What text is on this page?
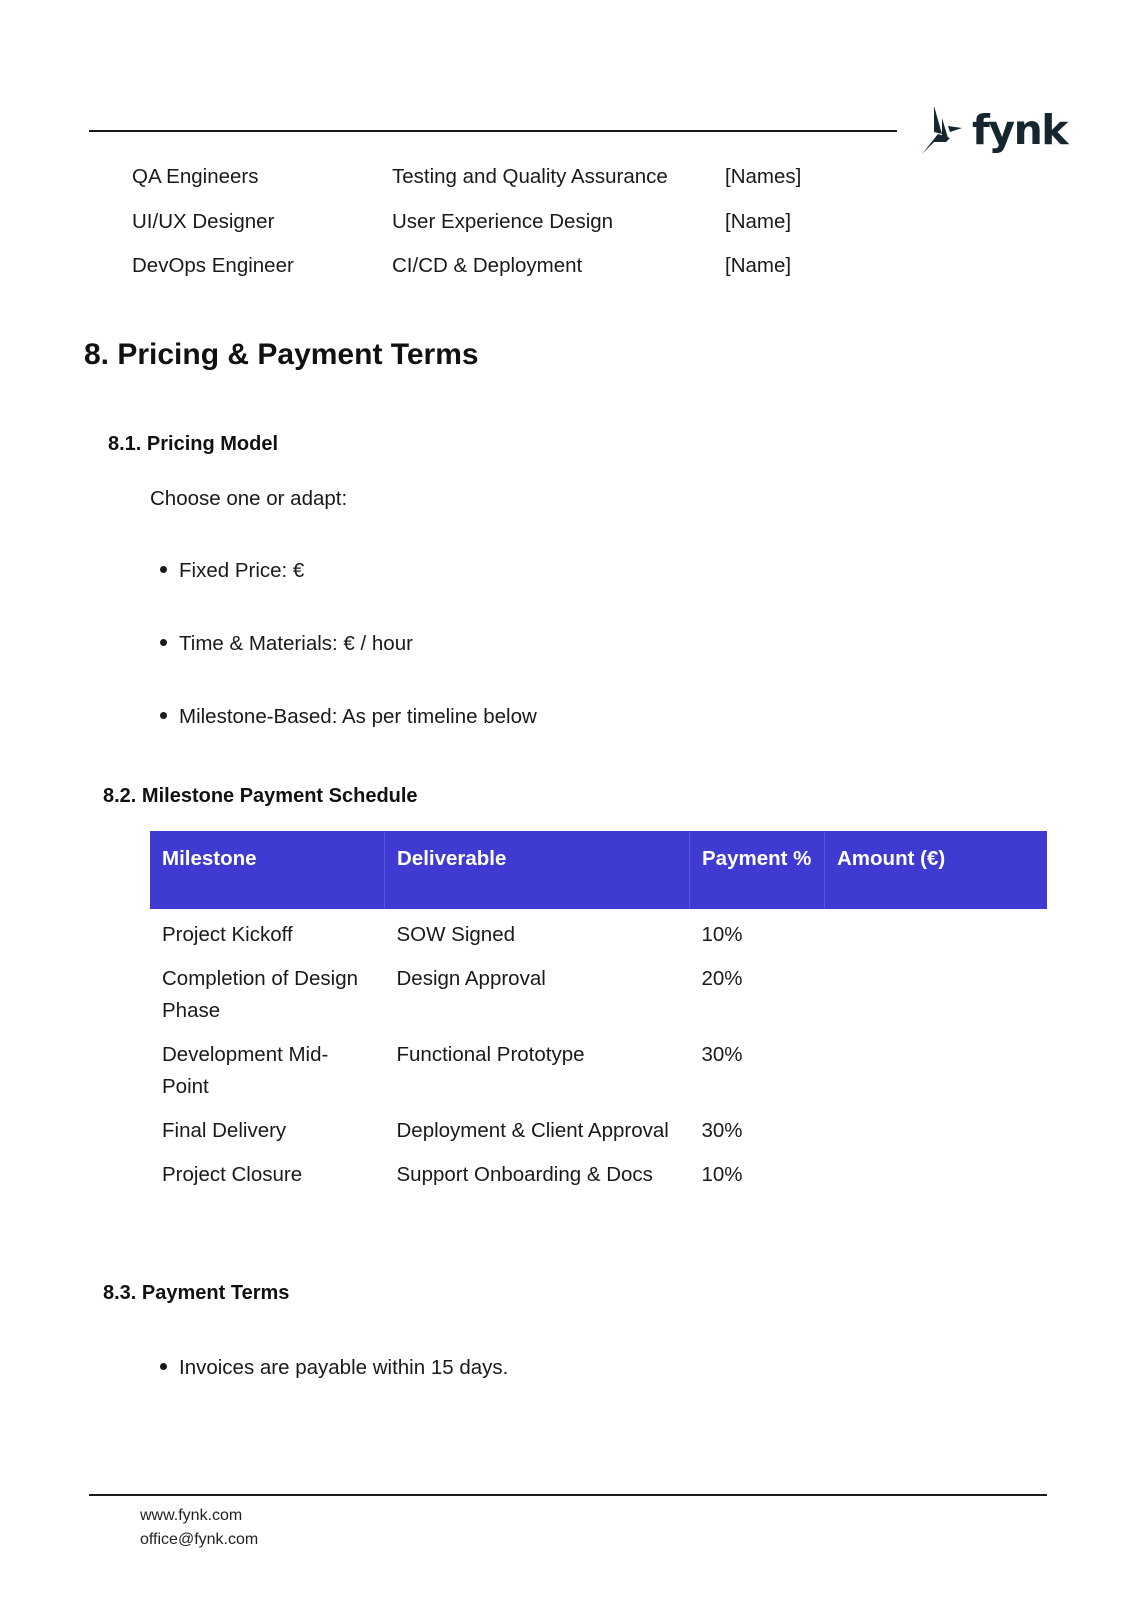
fynk
QA Engineers	Testing and Quality Assurance	[Names]
UI/UX Designer	User Experience Design	[Name]
DevOps Engineer	CI/CD & Deployment	[Name]
8. Pricing & Payment Terms
8.1. Pricing Model
Choose one or adapt:
Fixed Price: €
Time & Materials: € / hour
Milestone-Based: As per timeline below
8.2. Milestone Payment Schedule
Milestone	Deliverable	Payment %	Amount (€)
Project Kickoff	SOW Signed	10%	
Completion of Design Phase	Design Approval	20%	
Development Mid-Point	Functional Prototype	30%	
Final Delivery	Deployment & Client Approval	30%	
Project Closure	Support Onboarding & Docs	10%	
8.3. Payment Terms
Invoices are payable within 15 days.
www.fynk.com
office@fynk.com
